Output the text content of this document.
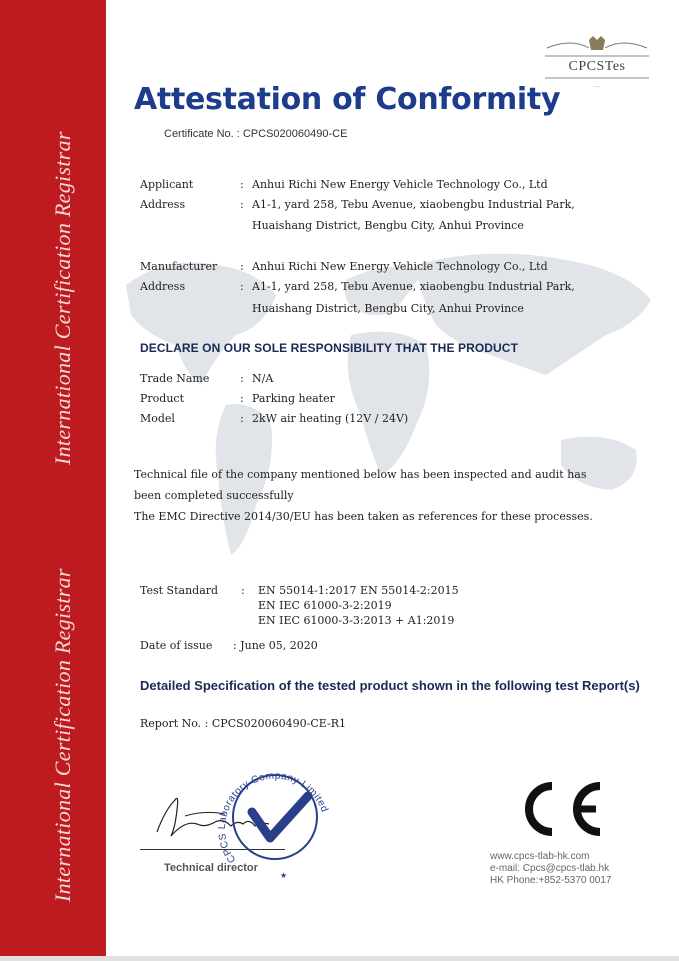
International Certification Registrar
International Certification Registrar
~~~
CPCSTes
Attestation of Conformity
Certificate No. : CPCS020060490-CE
Applicant	: Anhui Richi New Energy Vehicle Technology Co., Ltd
Address	: A1-1, yard 258, Tebu Avenue, xiaobengbu Industrial Park,
Huaishang District, Bengbu City, Anhui Province
Manufacturer : Anhui Richi New Energy Vehicle Technology Co., Ltd
Address	: A1-1, yard 258, Tebu Avenue, xiaobengbu Industrial Park,
Huaishang District, Bengbu City, Anhui Province
DECLARE ON OUR SOLE RESPONSIBILITY THAT THE PRODUCT
Trade Name	: N/A
Product	: Parking heater
Model	: 2kW air heating (12V / 24V)
Technical file of the company mentioned below has been inspected and audit has
been completed successfully
The EMC Directive 2014/30/EU has been taken as references for these processes.
Test Standard : EN 55014-1:2017 EN 55014-2:2015
EN IEC 61000-3-2:2019
EN IEC 61000-3-3:2013 + A1:2019
Date of issue : June 05, 2020
Detailed Specification of the tested product shown in the following test Report(s)
Report No. : CPCS020060490-CE-R1
CPCS Laboratory Company Limited
★
Technical director
www.cpcs-tlab-hk.com
e-mail: Cpcs@cpcs-tlab.hk
HK Phone:+852-5370 0017
